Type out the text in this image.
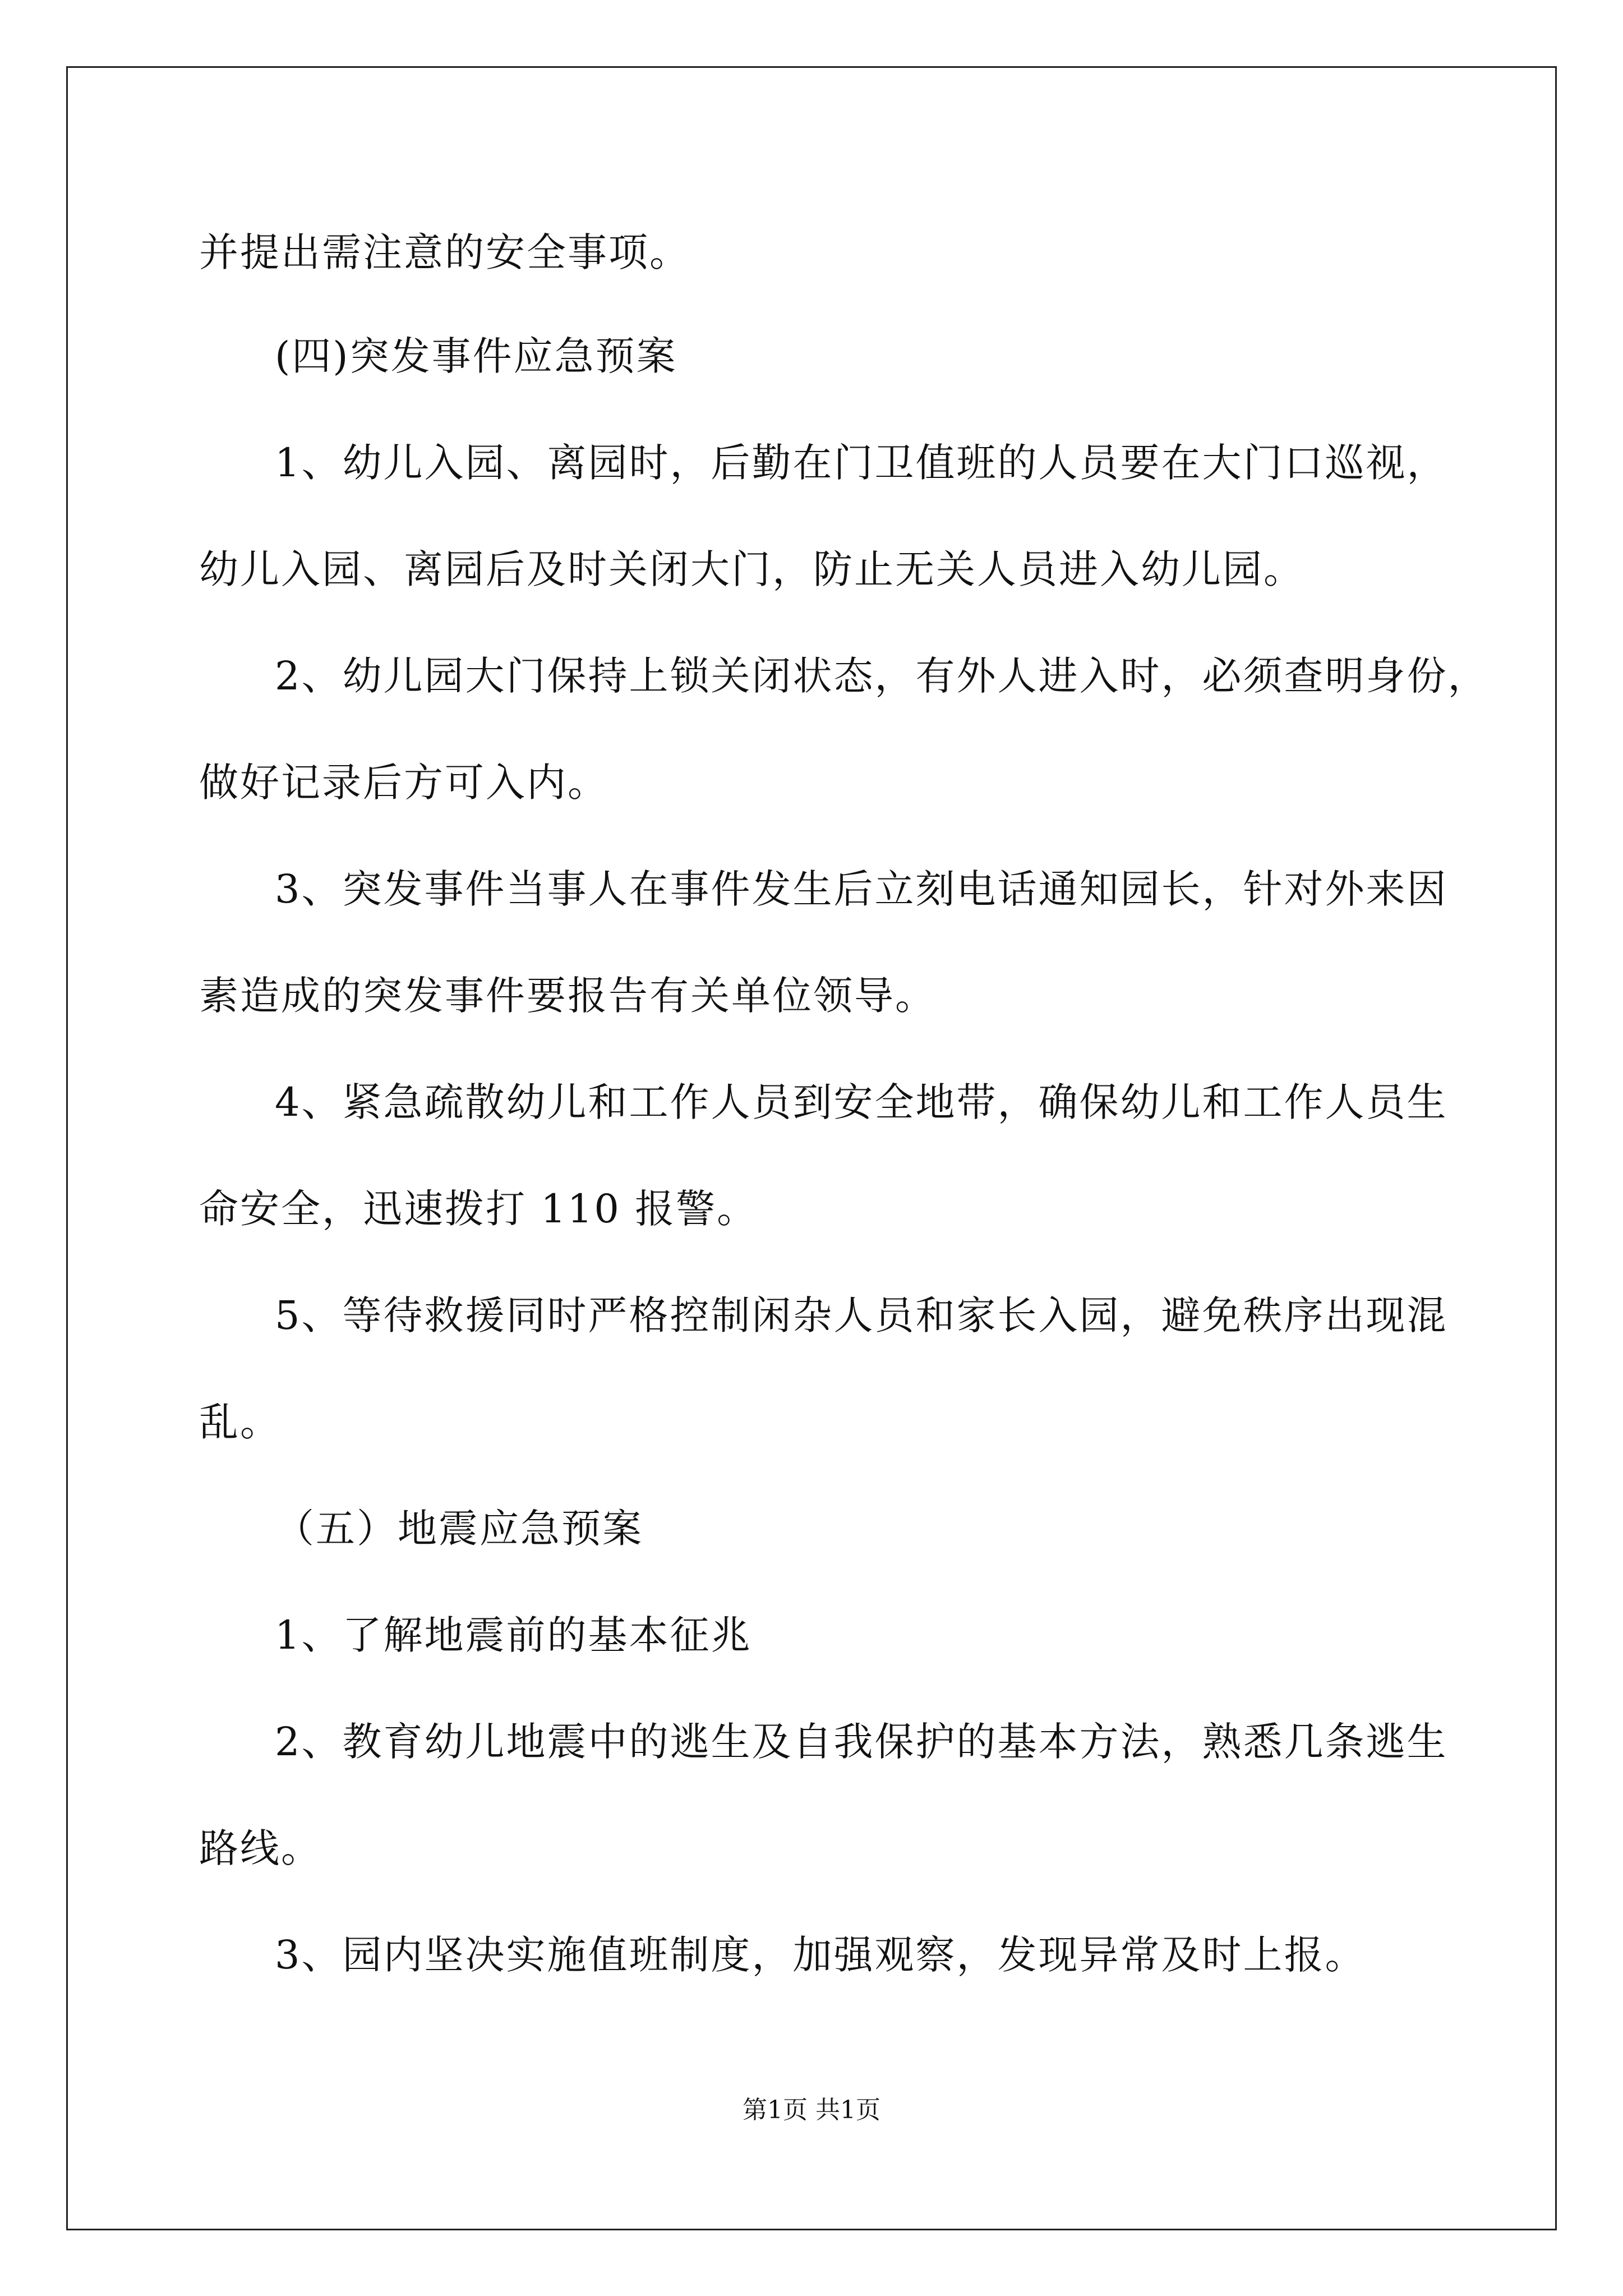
并提出需注意的安全事项。
(四)突发事件应急预案
1、幼儿入园、离园时，后勤在门卫值班的人员要在大门口巡视，
幼儿入园、离园后及时关闭大门，防止无关人员进入幼儿园。
2、幼儿园大门保持上锁关闭状态，有外人进入时，必须查明身份，
做好记录后方可入内。
3、突发事件当事人在事件发生后立刻电话通知园长，针对外来因
素造成的突发事件要报告有关单位领导。
4、紧急疏散幼儿和工作人员到安全地带，确保幼儿和工作人员生
命安全，迅速拨打 110 报警。
5、等待救援同时严格控制闲杂人员和家长入园，避免秩序出现混
乱。
（五）地震应急预案
1、了解地震前的基本征兆
2、教育幼儿地震中的逃生及自我保护的基本方法，熟悉几条逃生
路线。
3、园内坚决实施值班制度，加强观察，发现异常及时上报。
第1页 共1页
